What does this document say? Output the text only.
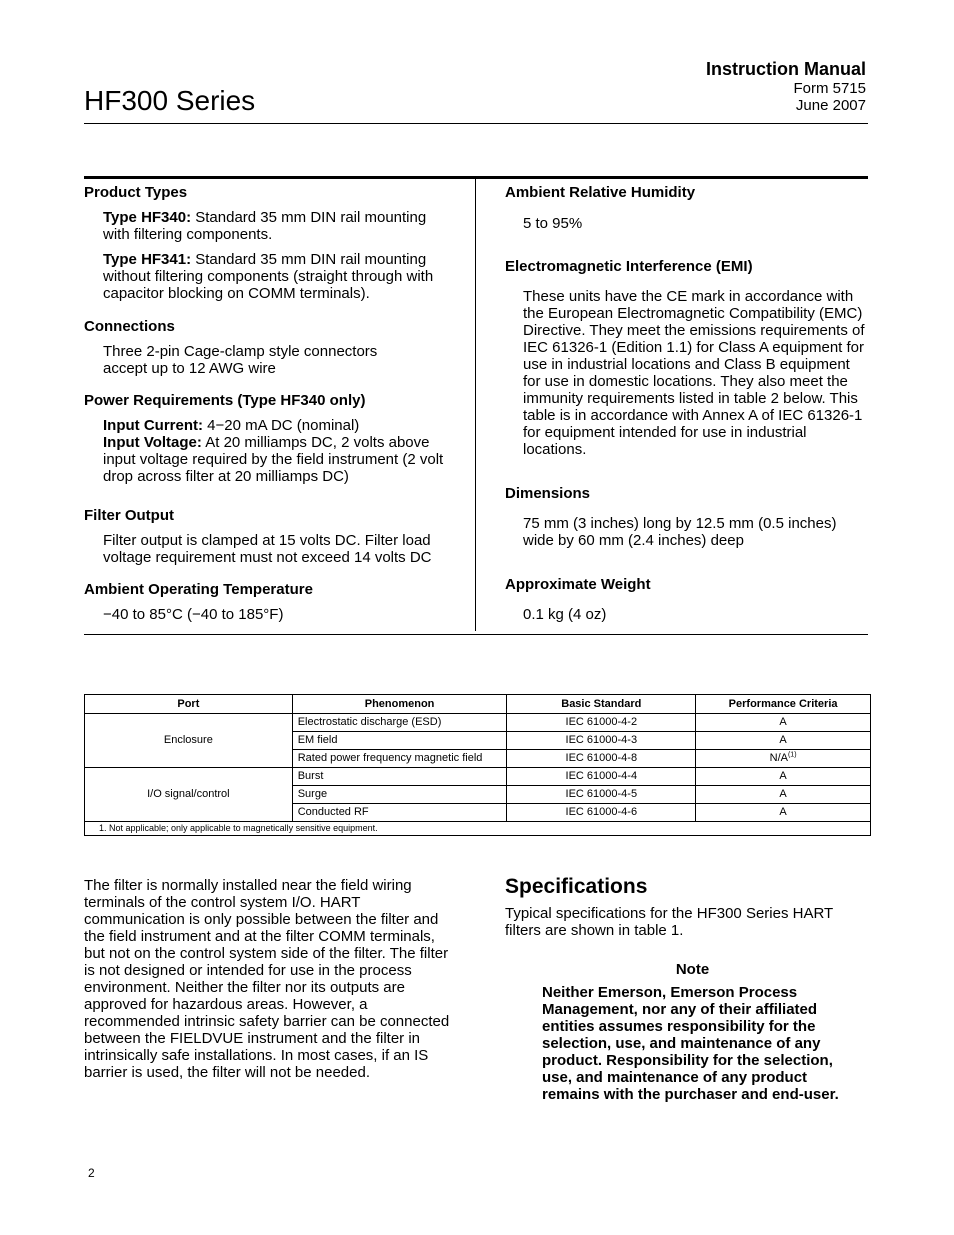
HF300 Series
Instruction Manual
Form 5715
June 2007
Product Types
Type HF340: Standard 35 mm DIN rail mounting with filtering components.
Type HF341: Standard 35 mm DIN rail mounting without filtering components (straight through with capacitor blocking on COMM terminals).
Connections
Three 2-pin Cage-clamp style connectors accept up to 12 AWG wire
Power Requirements (Type HF340 only)
Input Current: 4−20 mA DC (nominal)
Input Voltage: At 20 milliamps DC, 2 volts above input voltage required by the field instrument (2 volt drop across filter at 20 milliamps DC)
Filter Output
Filter output is clamped at 15 volts DC. Filter load voltage requirement must not exceed 14 volts DC
Ambient Operating Temperature
−40 to 85°C (−40 to 185°F)
Ambient Relative Humidity
5 to 95%
Electromagnetic Interference (EMI)
These units have the CE mark in accordance with the European Electromagnetic Compatibility (EMC) Directive. They meet the emissions requirements of IEC 61326-1 (Edition 1.1) for Class A equipment for use in industrial locations and Class B equipment for use in domestic locations. They also meet the immunity requirements listed in table 2 below. This table is in accordance with Annex A of IEC 61326-1 for equipment intended for use in industrial locations.
Dimensions
75 mm (3 inches) long by 12.5 mm (0.5 inches) wide by 60 mm (2.4 inches) deep
Approximate Weight
0.1 kg (4 oz)
Port	Phenomenon	Basic Standard	Performance Criteria
Enclosure	Electrostatic discharge (ESD)	IEC 61000-4-2	A
	EM field	IEC 61000-4-3	A
	Rated power frequency magnetic field	IEC 61000-4-8	$N/A^{(1)}$
I/O signal/control	Burst	IEC 61000-4-4	A
	Surge	IEC 61000-4-5	A
	Conducted RF	IEC 61000-4-6	A
1. Not applicable; only applicable to magnetically sensitive equipment.			
The filter is normally installed near the field wiring terminals of the control system I/O. HART communication is only possible between the filter and the field instrument and at the filter COMM terminals, but not on the control system side of the filter. The filter is not designed or intended for use in the process environment. Neither the filter nor its outputs are approved for hazardous areas. However, a recommended intrinsic safety barrier can be connected between the FIELDVUE instrument and the filter in intrinsically safe installations. In most cases, if an IS barrier is used, the filter will not be needed.
Specifications
Typical specifications for the HF300 Series HART filters are shown in table 1.
Note
Neither Emerson, Emerson Process Management, nor any of their affiliated entities assumes responsibility for the selection, use, and maintenance of any product. Responsibility for the selection, use, and maintenance of any product remains with the purchaser and end-user.
2
